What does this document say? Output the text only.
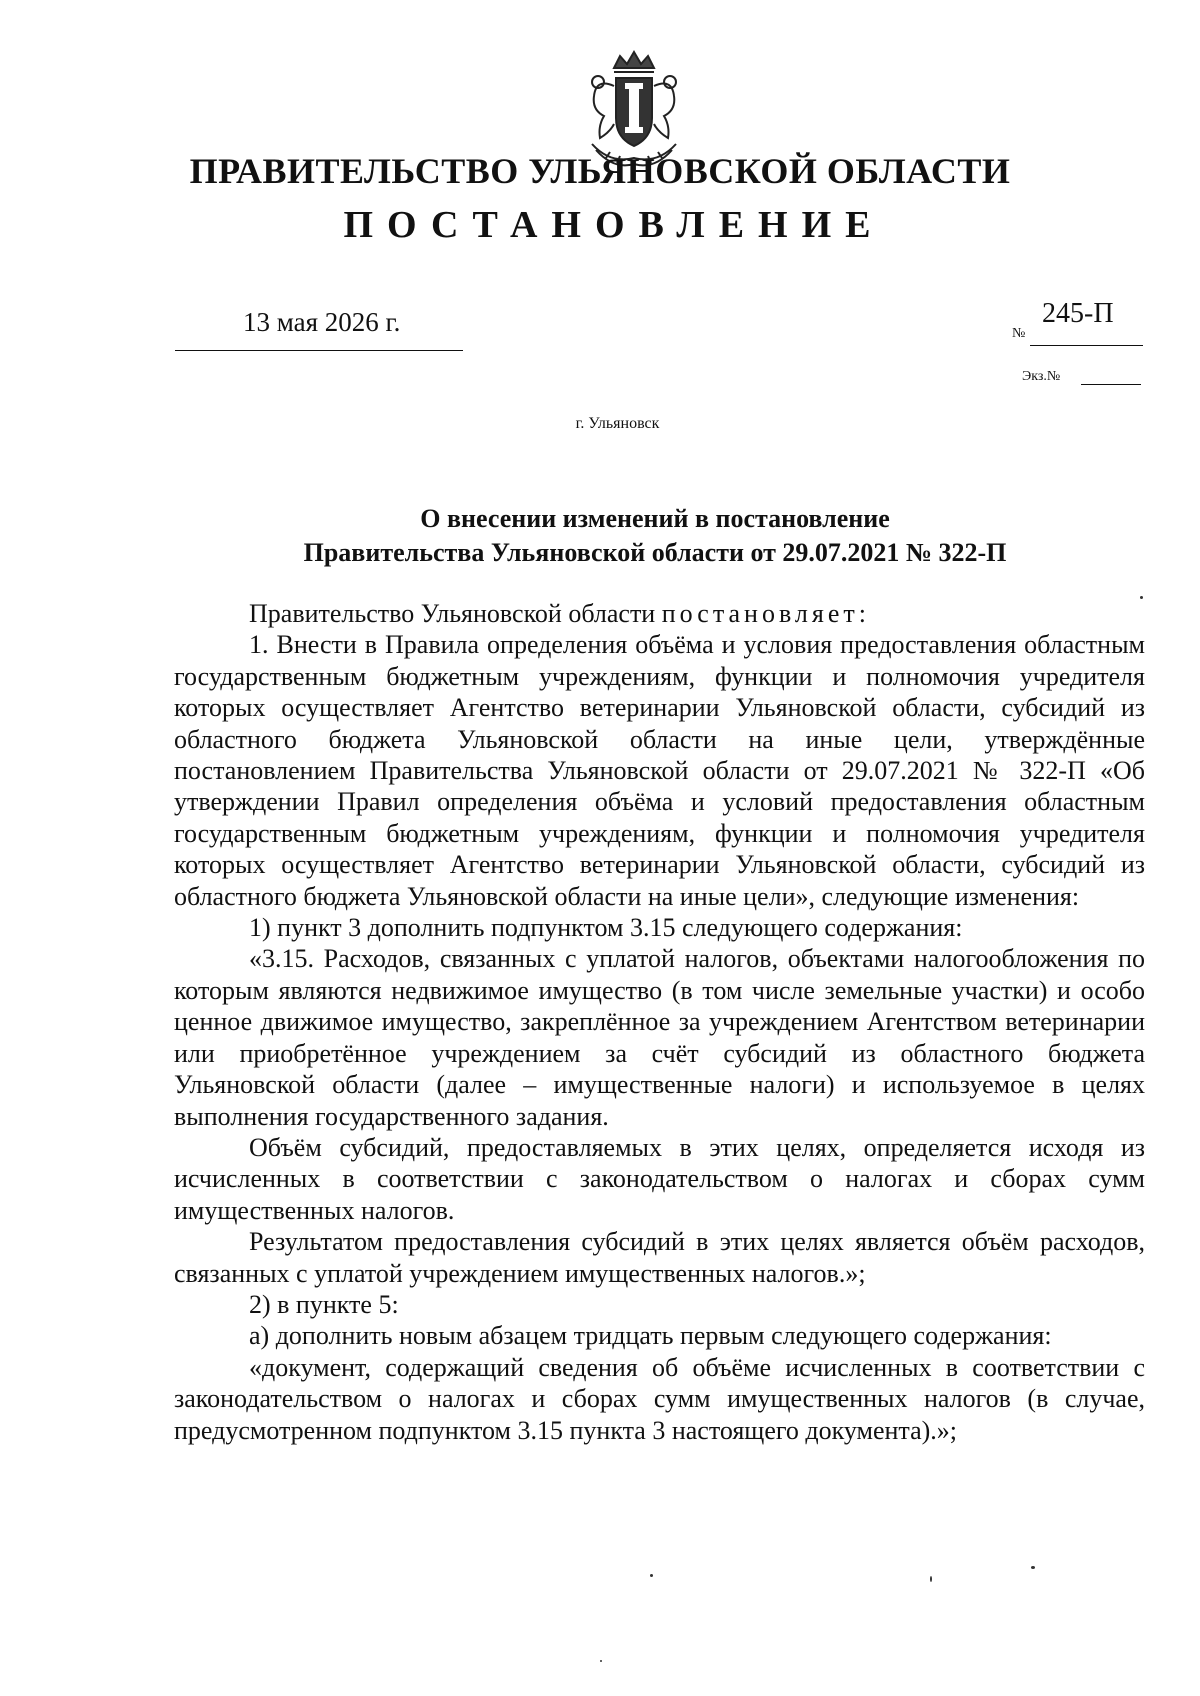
ПРАВИТЕЛЬСТВО УЛЬЯНОВСКОЙ ОБЛАСТИ
ПОСТАНОВЛЕНИЕ
13 мая 2026 г.	№
245-П
Экз.№
г. Ульяновск
О внесении изменений в постановление
Правительства Ульяновской области от 29.07.2021 № 322-П

Правительство Ульяновской области постановляет:

1. Внести в Правила определения объёма и условия предоставления областным государственным бюджетным учреждениям, функции и полномочия учредителя которых осуществляет Агентство ветеринарии Ульяновской области, субсидий из областного бюджета Ульяновской области на иные цели, утверждённые постановлением Правительства Ульяновской области от 29.07.2021 № 322-П «Об утверждении Правил определения объёма и условий предоставления областным государственным бюджетным учреждениям, функции и полномочия учредителя которых осуществляет Агентство ветеринарии Ульяновской области, субсидий из областного бюджета Ульяновской области на иные цели», следующие изменения:

1) пункт 3 дополнить подпунктом 3.15 следующего содержания:

«3.15. Расходов, связанных с уплатой налогов, объектами налогообложения по которым являются недвижимое имущество (в том числе земельные участки) и особо ценное движимое имущество, закреплённое за учреждением Агентством ветеринарии или приобретённое учреждением за счёт субсидий из областного бюджета Ульяновской области (далее – имущественные налоги) и используемое в целях выполнения государственного задания.

Объём субсидий, предоставляемых в этих целях, определяется исходя из исчисленных в соответствии с законодательством о налогах и сборах сумм имущественных налогов.

Результатом предоставления субсидий в этих целях является объём расходов, связанных с уплатой учреждением имущественных налогов.»;

2) в пункте 5:

а) дополнить новым абзацем тридцать первым следующего содержания:

«документ, содержащий сведения об объёме исчисленных в соответствии с законодательством о налогах и сборах сумм имущественных налогов (в случае, предусмотренном подпунктом 3.15 пункта 3 настоящего документа).»;
